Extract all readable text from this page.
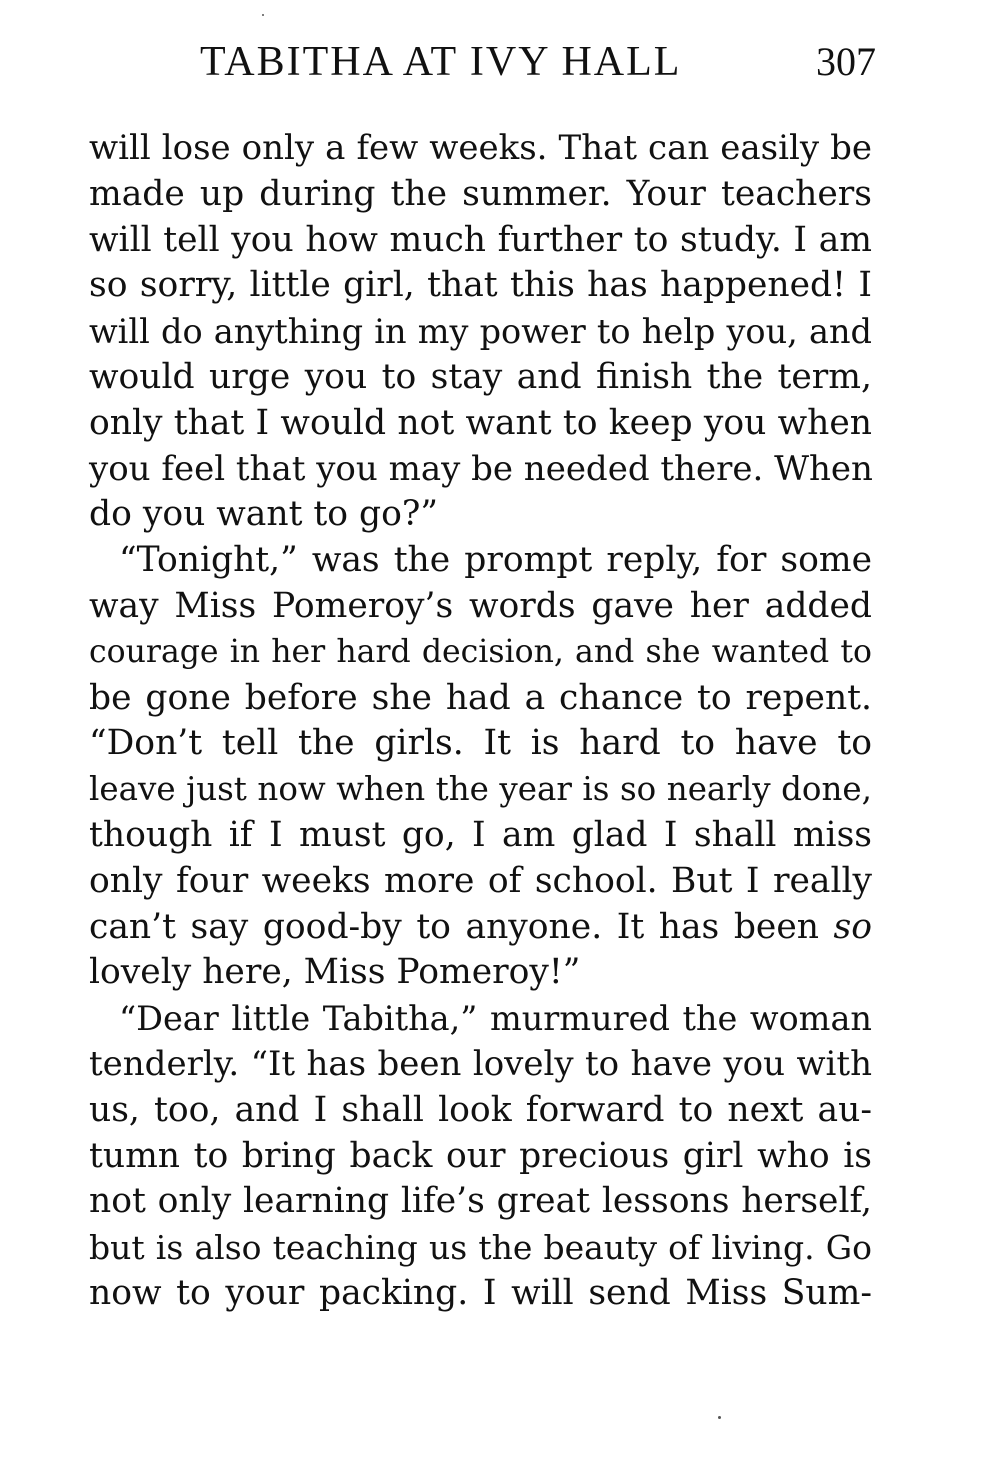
TABITHA AT IVY HALL	307
will lose only a few weeks. That can easily be
made up during the summer. Your teachers
will tell you how much further to study. I am
so sorry, little girl, that this has happened! I
will do anything in my power to help you, and
would urge you to stay and finish the term,
only that I would not want to keep you when
you feel that you may be needed there. When
do you want to go?”
“Tonight,” was the prompt reply, for some
way Miss Pomeroy’s words gave her added
courage in her hard decision, and she wanted to
be gone before she had a chance to repent.
“Don’t tell the girls. It is hard to have to
leave just now when the year is so nearly done,
though if I must go, I am glad I shall miss
only four weeks more of school. But I really
can’t say good-by to anyone. It has been so
lovely here, Miss Pomeroy!”
“Dear little Tabitha,” murmured the woman
tenderly. “It has been lovely to have you with
us, too, and I shall look forward to next au-
tumn to bring back our precious girl who is
not only learning life’s great lessons herself,
but is also teaching us the beauty of living. Go
now to your packing. I will send Miss Sum-
